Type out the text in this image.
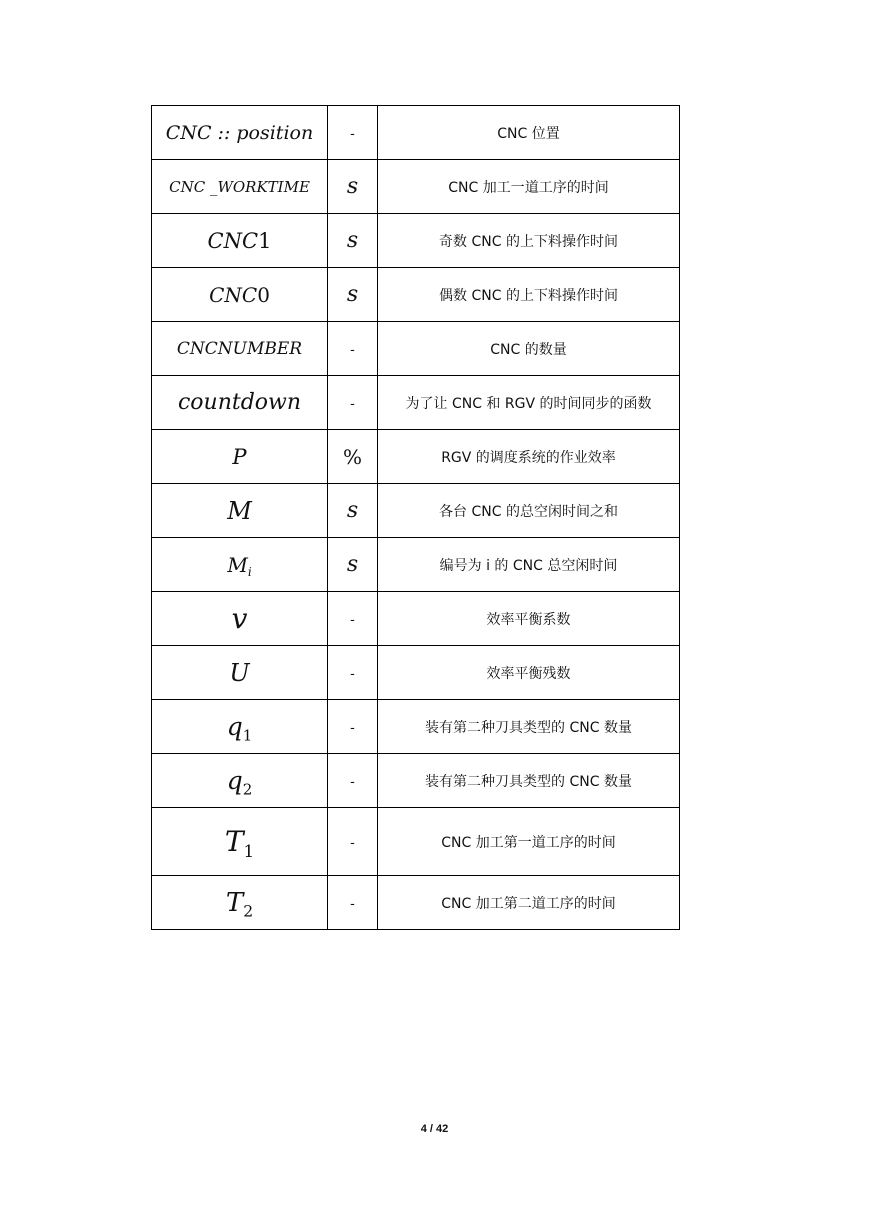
CNC :: position	-	CNC 位置
CNC _WORKTIME	s	CNC 加工一道工序的时间
CNC1	s	奇数 CNC 的上下料操作时间
CNC0	s	偶数 CNC 的上下料操作时间
CNCNUMBER	-	CNC 的数量
countdown	-	为了让 CNC 和 RGV 的时间同步的函数
P	%	RGV 的调度系统的作业效率
M	s	各台 CNC 的总空闲时间之和
$M_i$	s	编号为 i 的 CNC 总空闲时间
v	-	效率平衡系数
U	-	效率平衡残数
$q_1$	-	装有第二种刀具类型的 CNC 数量
$q_2$	-	装有第二种刀具类型的 CNC 数量
$T_1$	-	CNC 加工第一道工序的时间
$T_2$	-	CNC 加工第二道工序的时间
4 / 42
